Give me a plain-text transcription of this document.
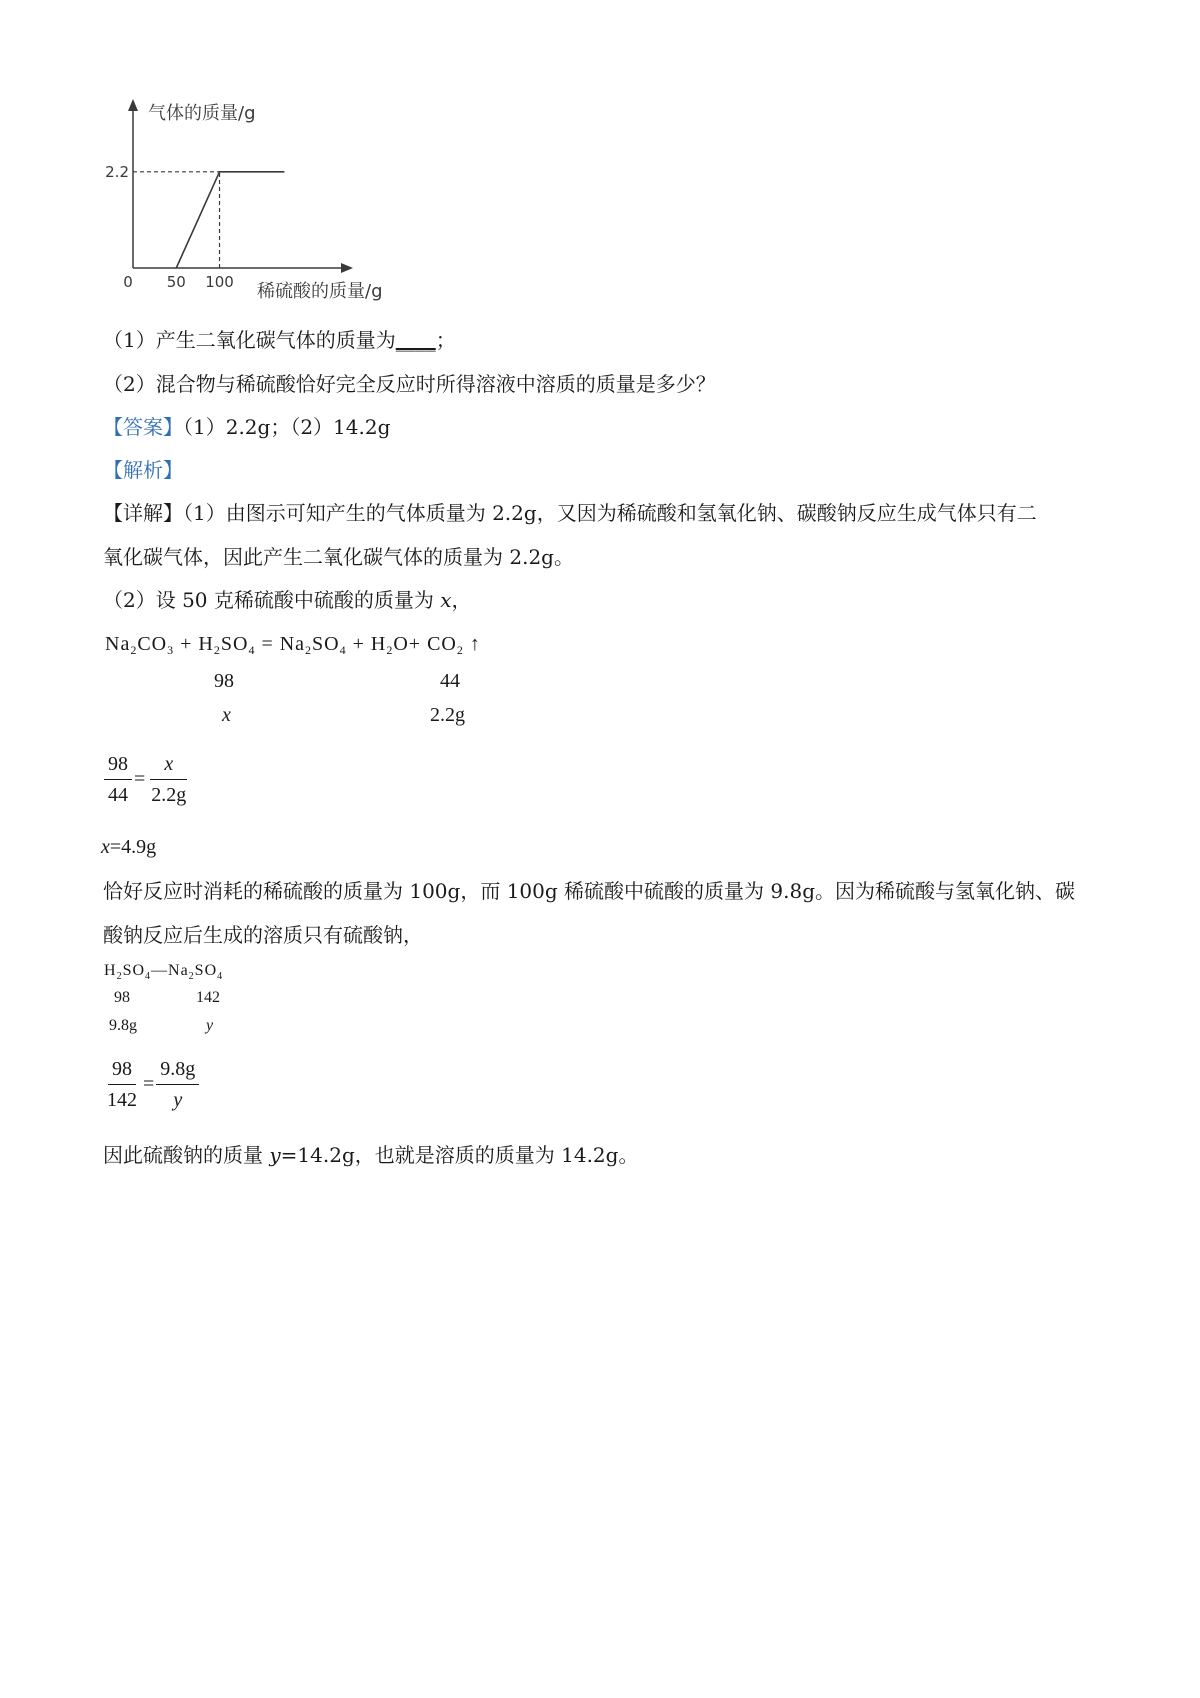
0 50 100
2.2
气体的质量/g
稀硫酸的质量/g
（1）产生二氧化碳气体的质量为____；
（2）混合物与稀硫酸恰好完全反应时所得溶液中溶质的质量是多少？
【答案】（1）2.2g；（2）14.2g
【解析】
【详解】（1）由图示可知产生的气体质量为 2.2g，又因为稀硫酸和氢氧化钠、碳酸钠反应生成气体只有二
氧化碳气体，因此产生二氧化碳气体的质量为 2.2g。
（2）设 50 克稀硫酸中硫酸的质量为 x，
$Na_2CO_3 + H_2SO_4 = Na_2SO_4 + H_2O+ CO_2$ ↑
98	44
x	2.2g
$\frac{98}{44} = \frac{x}{2.2g}$
x=4.9g
恰好反应时消耗的稀硫酸的质量为 100g，而 100g 稀硫酸中硫酸的质量为 9.8g。因为稀硫酸与氢氧化钠、碳
酸钠反应后生成的溶质只有硫酸钠，
$H_2SO_4—Na_2SO_4$
98	142
9.8g	y
$\frac{98}{142} = \frac{9.8g}{y}$
因此硫酸钠的质量 y=14.2g，也就是溶质的质量为 14.2g。
